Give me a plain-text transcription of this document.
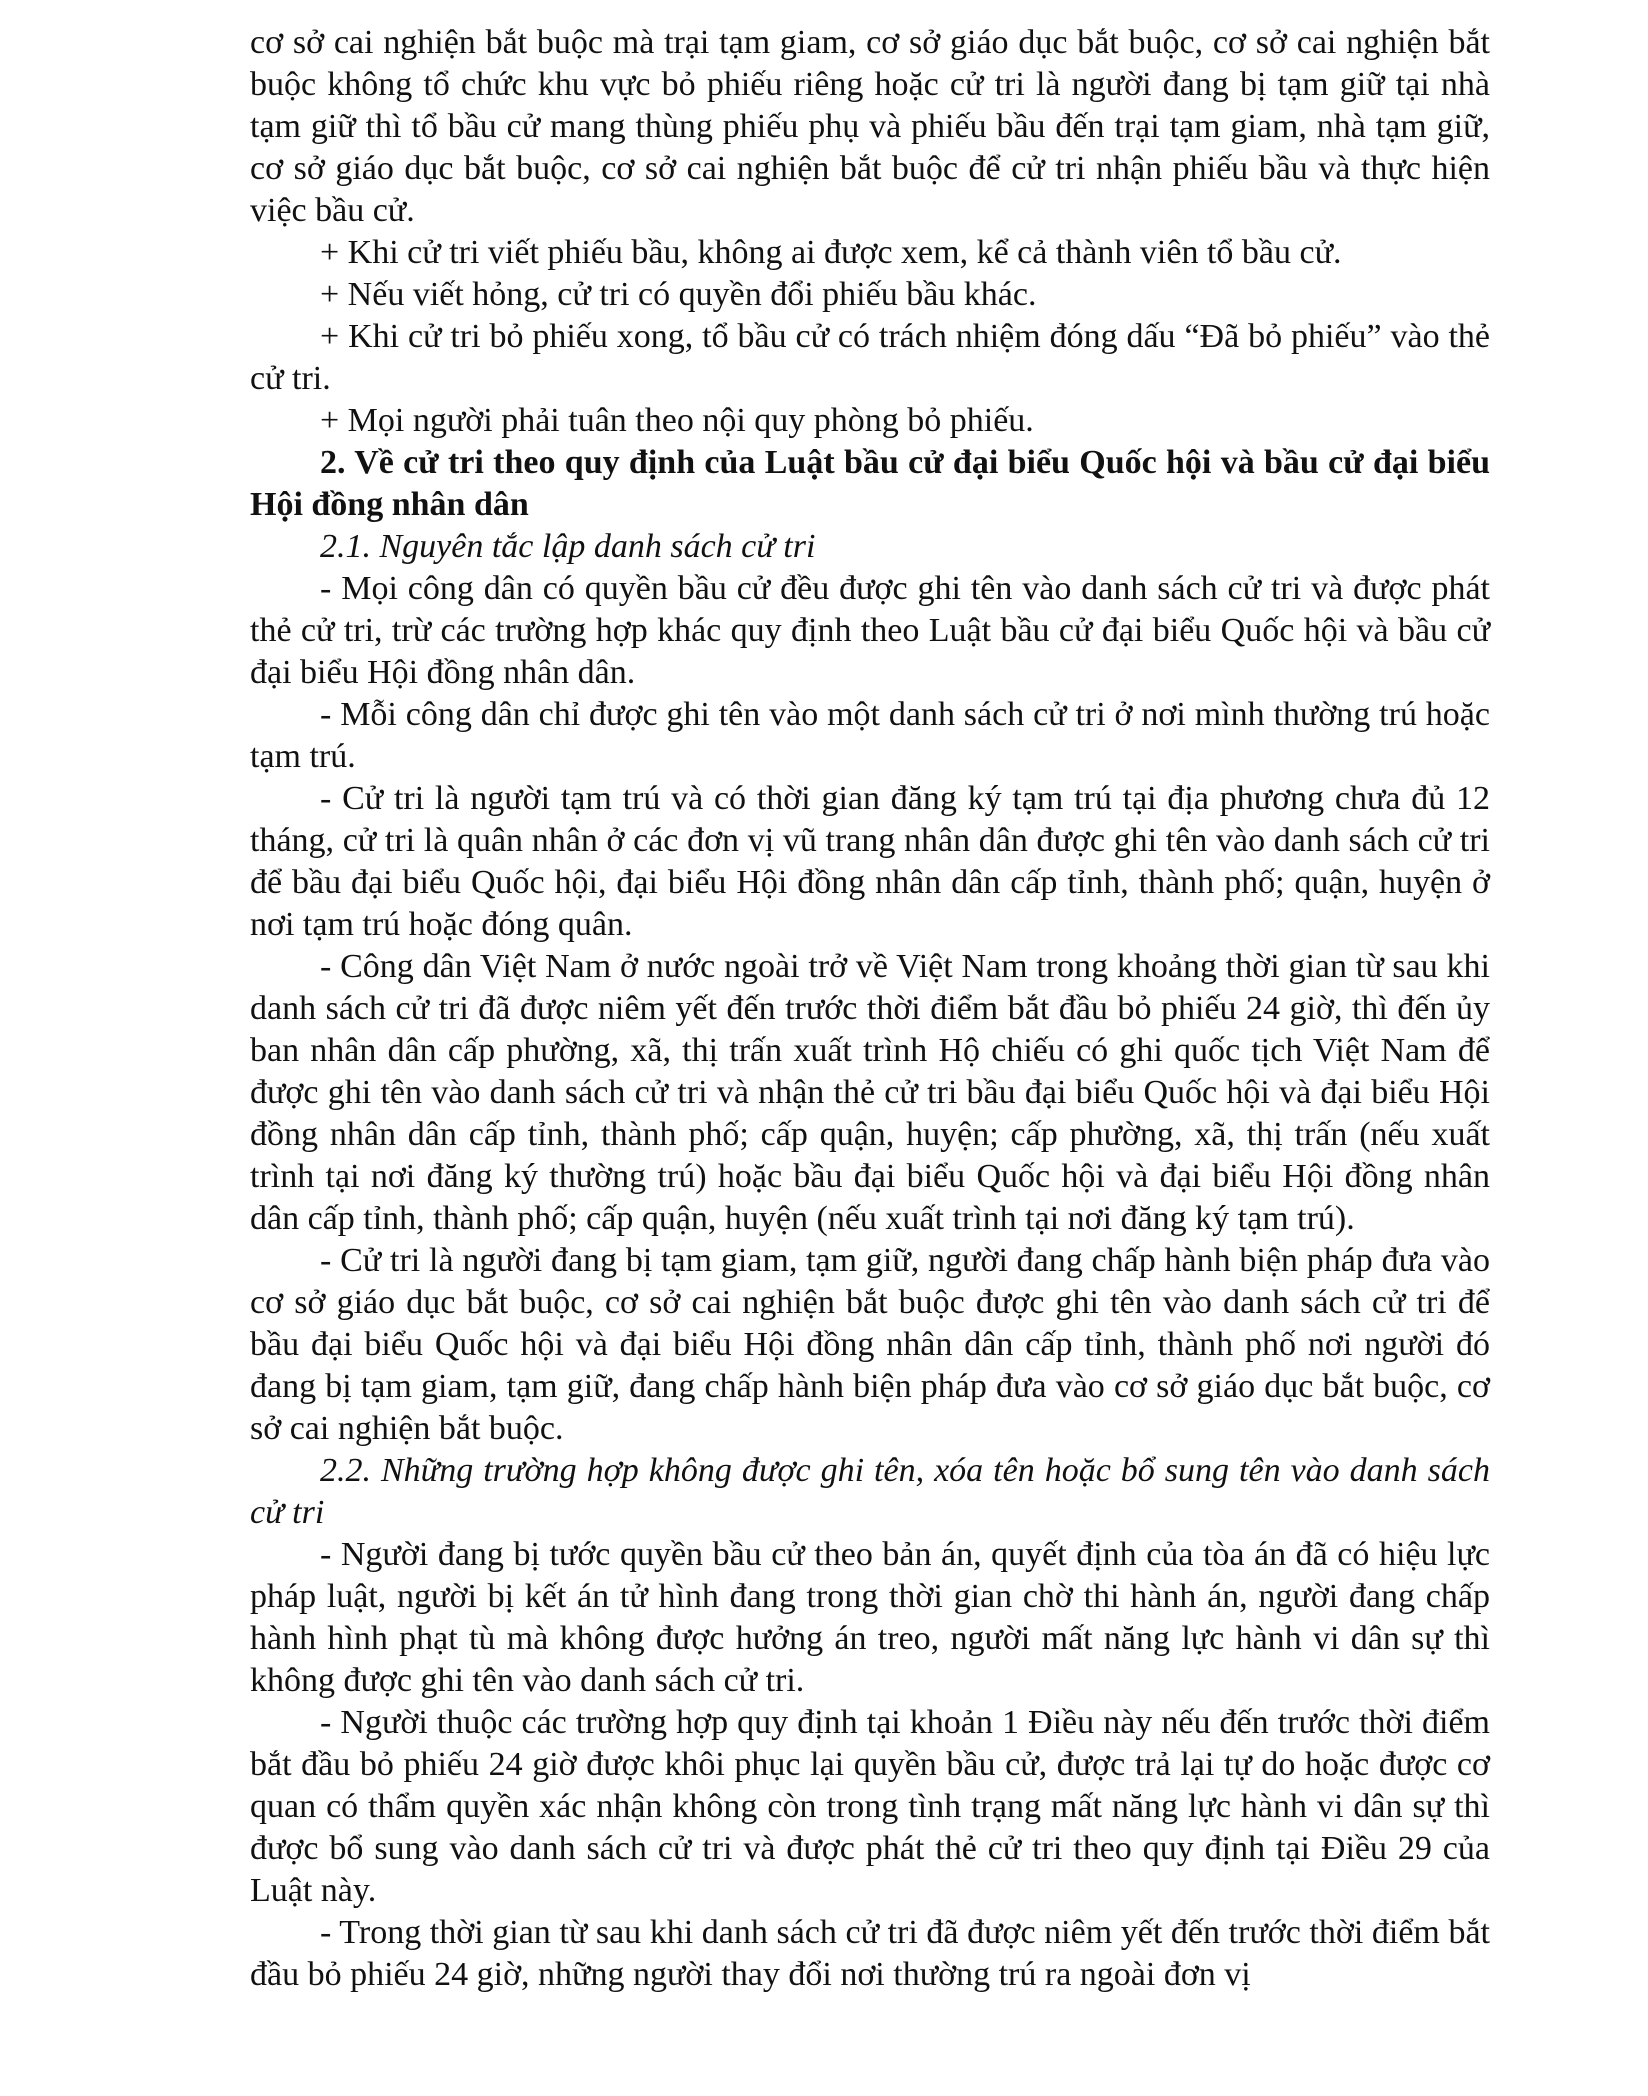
cơ sở cai nghiện bắt buộc mà trại tạm giam, cơ sở giáo dục bắt buộc, cơ sở cai nghiện bắt buộc không tổ chức khu vực bỏ phiếu riêng hoặc cử tri là người đang bị tạm giữ tại nhà tạm giữ thì tổ bầu cử mang thùng phiếu phụ và phiếu bầu đến trại tạm giam, nhà tạm giữ, cơ sở giáo dục bắt buộc, cơ sở cai nghiện bắt buộc để cử tri nhận phiếu bầu và thực hiện việc bầu cử.

+ Khi cử tri viết phiếu bầu, không ai được xem, kể cả thành viên tổ bầu cử.

+ Nếu viết hỏng, cử tri có quyền đổi phiếu bầu khác.

+ Khi cử tri bỏ phiếu xong, tổ bầu cử có trách nhiệm đóng dấu “Đã bỏ phiếu” vào thẻ cử tri.

+ Mọi người phải tuân theo nội quy phòng bỏ phiếu.

2. Về cử tri theo quy định của Luật bầu cử đại biểu Quốc hội và bầu cử đại biểu Hội đồng nhân dân

2.1. Nguyên tắc lập danh sách cử tri

- Mọi công dân có quyền bầu cử đều được ghi tên vào danh sách cử tri và được phát thẻ cử tri, trừ các trường hợp khác quy định theo Luật bầu cử đại biểu Quốc hội và bầu cử đại biểu Hội đồng nhân dân.

- Mỗi công dân chỉ được ghi tên vào một danh sách cử tri ở nơi mình thường trú hoặc tạm trú.

- Cử tri là người tạm trú và có thời gian đăng ký tạm trú tại địa phương chưa đủ 12 tháng, cử tri là quân nhân ở các đơn vị vũ trang nhân dân được ghi tên vào danh sách cử tri để bầu đại biểu Quốc hội, đại biểu Hội đồng nhân dân cấp tỉnh, thành phố; quận, huyện ở nơi tạm trú hoặc đóng quân.

- Công dân Việt Nam ở nước ngoài trở về Việt Nam trong khoảng thời gian từ sau khi danh sách cử tri đã được niêm yết đến trước thời điểm bắt đầu bỏ phiếu 24 giờ, thì đến ủy ban nhân dân cấp phường, xã, thị trấn xuất trình Hộ chiếu có ghi quốc tịch Việt Nam để được ghi tên vào danh sách cử tri và nhận thẻ cử tri bầu đại biểu Quốc hội và đại biểu Hội đồng nhân dân cấp tỉnh, thành phố; cấp quận, huyện; cấp phường, xã, thị trấn (nếu xuất trình tại nơi đăng ký thường trú) hoặc bầu đại biểu Quốc hội và đại biểu Hội đồng nhân dân cấp tỉnh, thành phố; cấp quận, huyện (nếu xuất trình tại nơi đăng ký tạm trú).

- Cử tri là người đang bị tạm giam, tạm giữ, người đang chấp hành biện pháp đưa vào cơ sở giáo dục bắt buộc, cơ sở cai nghiện bắt buộc được ghi tên vào danh sách cử tri để bầu đại biểu Quốc hội và đại biểu Hội đồng nhân dân cấp tỉnh, thành phố nơi người đó đang bị tạm giam, tạm giữ, đang chấp hành biện pháp đưa vào cơ sở giáo dục bắt buộc, cơ sở cai nghiện bắt buộc.

2.2. Những trường hợp không được ghi tên, xóa tên hoặc bổ sung tên vào danh sách cử tri

- Người đang bị tước quyền bầu cử theo bản án, quyết định của tòa án đã có hiệu lực pháp luật, người bị kết án tử hình đang trong thời gian chờ thi hành án, người đang chấp hành hình phạt tù mà không được hưởng án treo, người mất năng lực hành vi dân sự thì không được ghi tên vào danh sách cử tri.

- Người thuộc các trường hợp quy định tại khoản 1 Điều này nếu đến trước thời điểm bắt đầu bỏ phiếu 24 giờ được khôi phục lại quyền bầu cử, được trả lại tự do hoặc được cơ quan có thẩm quyền xác nhận không còn trong tình trạng mất năng lực hành vi dân sự thì được bổ sung vào danh sách cử tri và được phát thẻ cử tri theo quy định tại Điều 29 của Luật này.

- Trong thời gian từ sau khi danh sách cử tri đã được niêm yết đến trước thời điểm bắt đầu bỏ phiếu 24 giờ, những người thay đổi nơi thường trú ra ngoài đơn vị
